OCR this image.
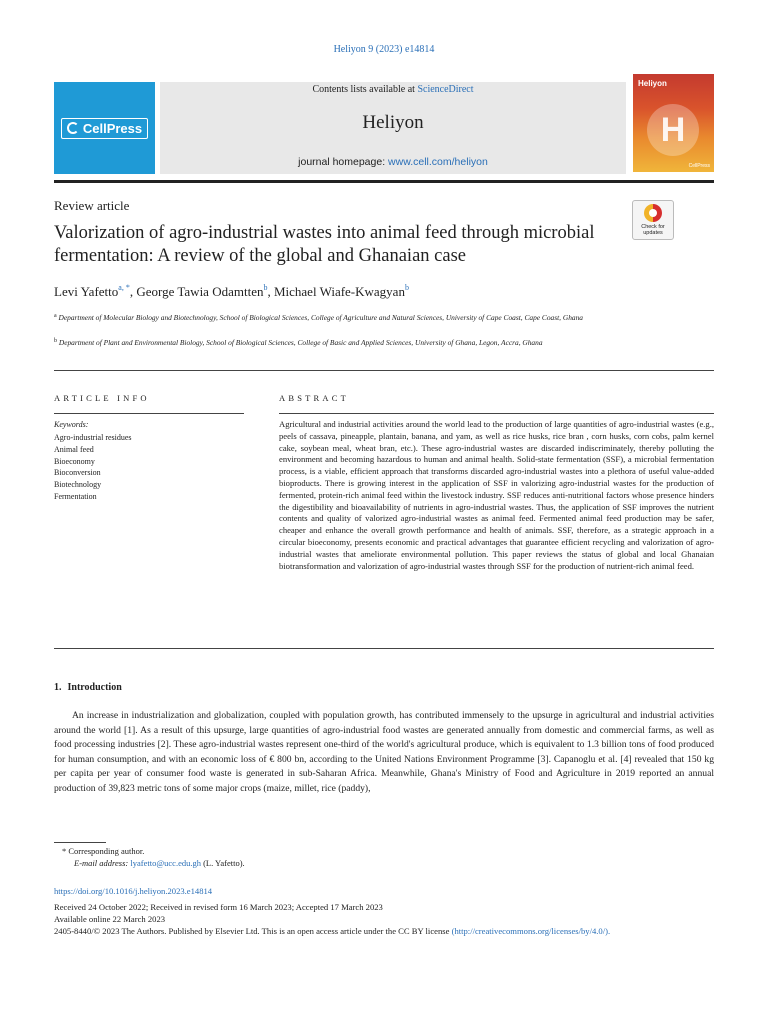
Heliyon 9 (2023) e14814
CellPress
Contents lists available at ScienceDirect
Heliyon
journal homepage: www.cell.com/heliyon
Heliyon
H
CellPress
Review article
Check for updates
Valorization of agro-industrial wastes into animal feed through microbial fermentation: A review of the global and Ghanaian case
Levi Yafetto$^{a, *}$, George Tawia Odamtten$^b$, Michael Wiafe-Kwagyan$^b$
$^a$ Department of Molecular Biology and Biotechnology, School of Biological Sciences, College of Agriculture and Natural Sciences, University of Cape Coast, Cape Coast, Ghana
$^b$ Department of Plant and Environmental Biology, School of Biological Sciences, College of Basic and Applied Sciences, University of Ghana, Legon, Accra, Ghana
ARTICLE INFO	ABSTRACT
Keywords:
Agro-industrial residues
Animal feed
Bioeconomy
Bioconversion
Biotechnology
Fermentation

Agricultural and industrial activities around the world lead to the production of large quantities of agro-industrial wastes (e.g., peels of cassava, pineapple, plantain, banana, and yam, as well as rice husks, rice bran , corn husks, corn cobs, palm kernel cake, soybean meal, wheat bran, etc.). These agro-industrial wastes are discarded indiscriminately, thereby polluting the environment and becoming hazardous to human and animal health. Solid-state fermentation (SSF), a microbial fermentation process, is a viable, efficient approach that transforms discarded agro-industrial wastes into a plethora of useful value-added bioproducts. There is growing interest in the application of SSF in valorizing agro-industrial wastes for the production of fermented, protein-rich animal feed within the livestock industry. SSF reduces anti-nutritional factors whose presence hinders the digestibility and bioavailability of nutrients in agro-industrial wastes. Thus, the application of SSF improves the nutrient contents and quality of valorized agro-industrial wastes as animal feed. Fermented animal feed production may be safer, cheaper and enhance the overall growth performance and health of animals. SSF, therefore, as a strategic approach in a circular bioeconomy, presents economic and practical advantages that guarantee efficient recycling and valorization of agro-industrial wastes that ameliorate environmental pollution. This paper reviews the status of global and local Ghanaian biotransformation and valorization of agro-industrial wastes through SSF for the production of nutrient-rich animal feed.

1. Introduction

An increase in industrialization and globalization, coupled with population growth, has contributed immensely to the upsurge in agricultural and industrial activities around the world [1]. As a result of this upsurge, large quantities of agro-industrial food wastes are generated annually from domestic and commercial farms, as well as food processing industries [2]. These agro-industrial wastes represent one-third of the world's agricultural produce, which is equivalent to 1.3 billion tons of food produced for human consumption, and with an economic loss of € 800 bn, according to the United Nations Environment Programme [3]. Capanoglu et al. [4] revealed that 150 kg per capita per year of consumer food waste is generated in sub-Saharan Africa. Meanwhile, Ghana's Ministry of Food and Agriculture in 2019 reported an annual production of 39,823 metric tons of some major crops (maize, millet, rice (paddy),

* Corresponding author.
E-mail address: lyafetto@ucc.edu.gh (L. Yafetto).
https://doi.org/10.1016/j.heliyon.2023.e14814
Received 24 October 2022; Received in revised form 16 March 2023; Accepted 17 March 2023
Available online 22 March 2023
2405-8440/© 2023 The Authors. Published by Elsevier Ltd. This is an open access article under the CC BY license (http://creativecommons.org/licenses/by/4.0/).
